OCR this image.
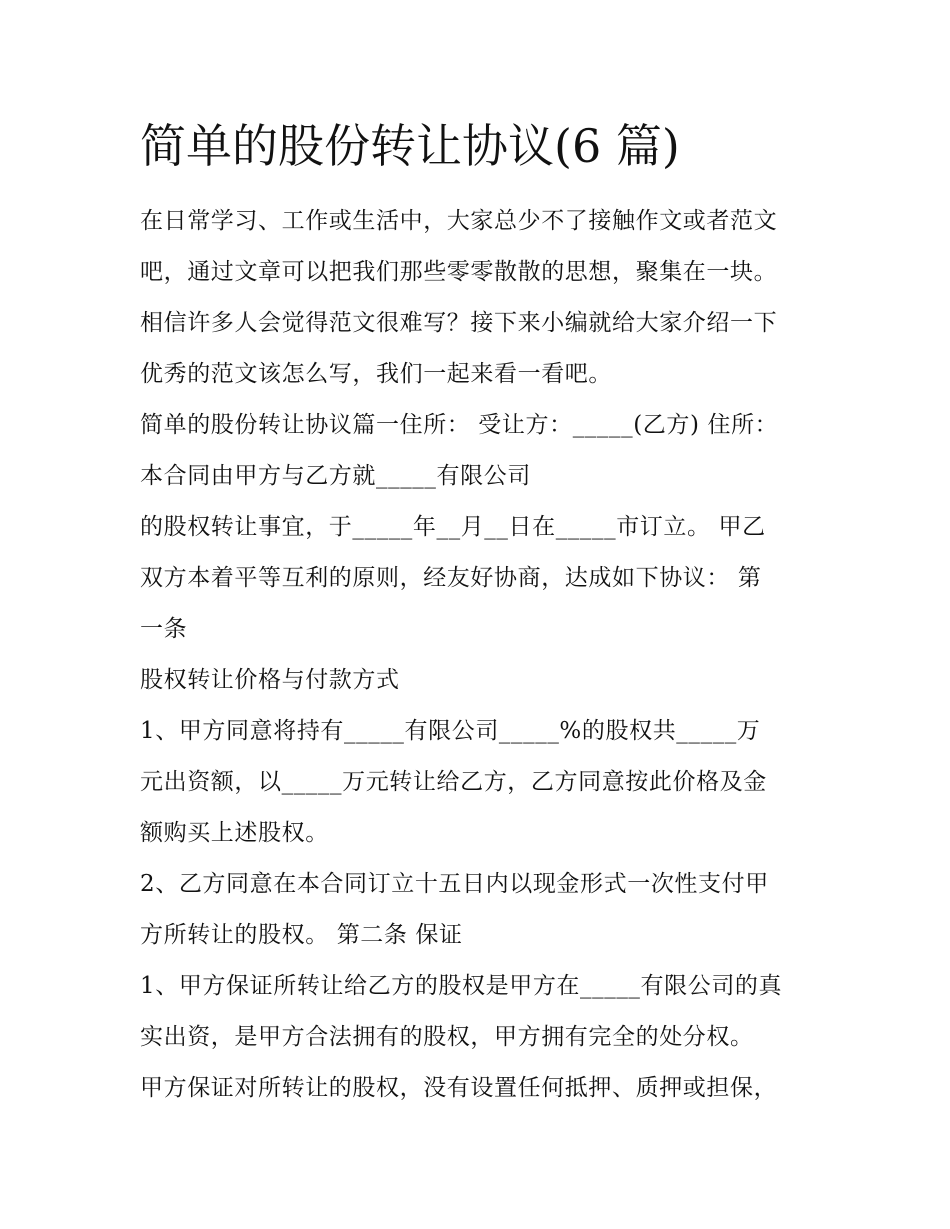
简单的股份转让协议(6 篇)

在日常学习、工作或生活中，大家总少不了接触作文或者范文

吧，通过文章可以把我们那些零零散散的思想，聚集在一块。

相信许多人会觉得范文很难写？接下来小编就给大家介绍一下

优秀的范文该怎么写，我们一起来看一看吧。

简单的股份转让协议篇一住所： 受让方：_____(乙方) 住所：

本合同由甲方与乙方就_____有限公司

的股权转让事宜，于_____年__月__日在_____市订立。 甲乙

双方本着平等互利的原则，经友好协商，达成如下协议： 第

一条

股权转让价格与付款方式

1、甲方同意将持有_____有限公司_____%的股权共_____万

元出资额，以_____万元转让给乙方，乙方同意按此价格及金

额购买上述股权。

2、乙方同意在本合同订立十五日内以现金形式一次性支付甲

方所转让的股权。 第二条 保证

1、甲方保证所转让给乙方的股权是甲方在_____有限公司的真

实出资，是甲方合法拥有的股权，甲方拥有完全的处分权。

甲方保证对所转让的股权，没有设置任何抵押、质押或担保，
